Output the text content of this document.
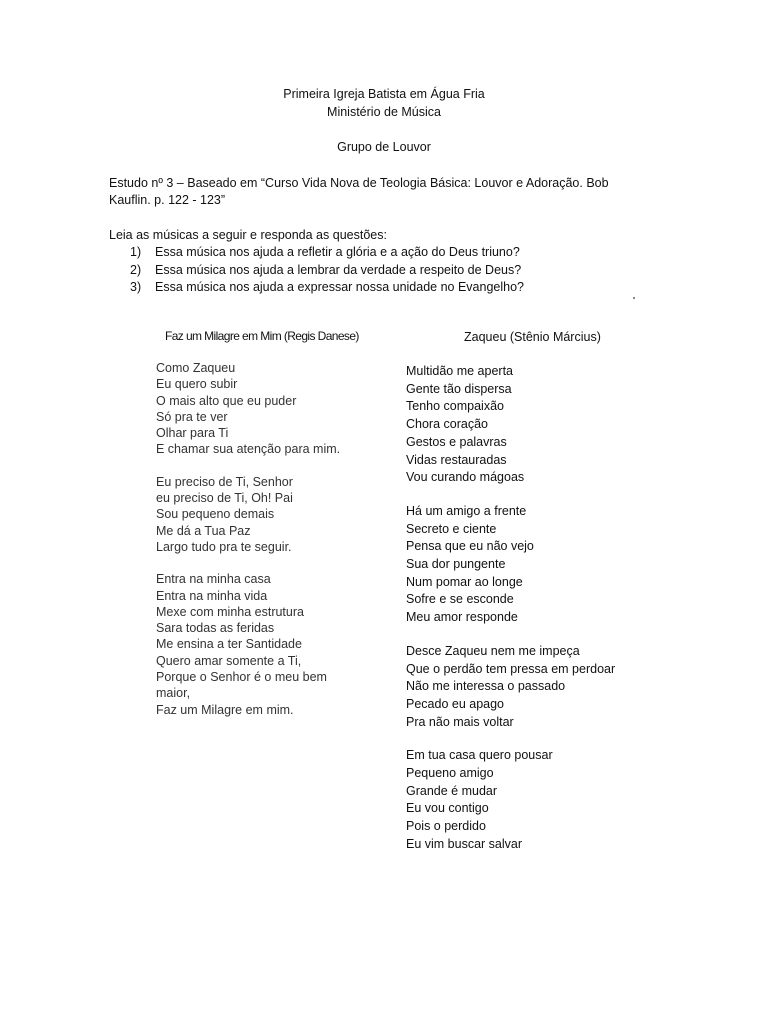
Primeira Igreja Batista em Água Fria
Ministério de Música
Grupo de Louvor
Estudo nº 3 – Baseado em “Curso Vida Nova de Teologia Básica: Louvor e Adoração. Bob
Kauflin. p. 122 - 123”
Leia as músicas a seguir e responda as questões:
1)	Essa música nos ajuda a refletir a glória e a ação do Deus triuno?
2)	Essa música nos ajuda a lembrar da verdade a respeito de Deus?
3)	Essa música nos ajuda a expressar nossa unidade no Evangelho?
Faz um Milagre em Mim (Regis Danese)	Zaqueu (Stênio Március)
Como Zaqueu
Eu quero subir
O mais alto que eu puder
Só pra te ver
Olhar para Ti
E chamar sua atenção para mim.
Eu preciso de Ti, Senhor
eu preciso de Ti, Oh! Pai
Sou pequeno demais
Me dá a Tua Paz
Largo tudo pra te seguir.
Entra na minha casa
Entra na minha vida
Mexe com minha estrutura
Sara todas as feridas
Me ensina a ter Santidade
Quero amar somente a Ti,
Porque o Senhor é o meu bem maior,
Faz um Milagre em mim.
Multidão me aperta
Gente tão dispersa
Tenho compaixão
Chora coração
Gestos e palavras
Vidas restauradas
Vou curando mágoas
Há um amigo a frente
Secreto e ciente
Pensa que eu não vejo
Sua dor pungente
Num pomar ao longe
Sofre e se esconde
Meu amor responde
Desce Zaqueu nem me impeça
Que o perdão tem pressa em perdoar
Não me interessa o passado
Pecado eu apago
Pra não mais voltar
Em tua casa quero pousar
Pequeno amigo
Grande é mudar
Eu vou contigo
Pois o perdido
Eu vim buscar salvar
